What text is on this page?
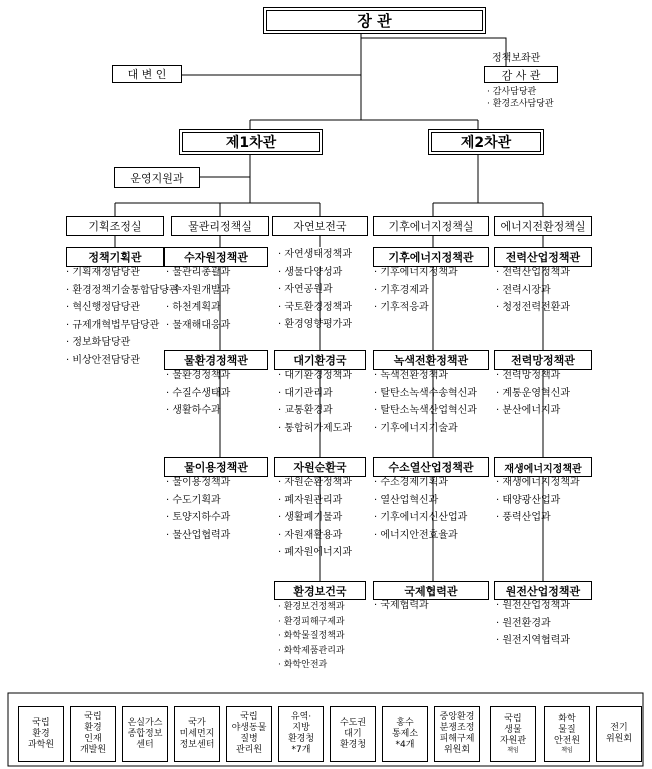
장 관
정책보좌관
감 사 관
· 감사담당관
· 환경조사담당관
대 변 인
제1차관	제2차관
운영지원과
기획조정실	물관리정책실	자연보전국	기후에너지정책실	에너지전환정책실
정책기획관
· 기획재정담당관
· 환경정책기술통합담당관
· 혁신행정담당관
· 규제개혁법무담당관
· 정보화담당관
· 비상안전담당관
수자원정책관
· 물관리총괄과
· 수자원개발과
· 하천계획과
· 물재해대응과
물환경정책관
· 물환경정책과
· 수질수생태과
· 생활하수과
물이용정책관
· 물이용정책과
· 수도기획과
· 토양지하수과
· 물산업협력과
· 자연생태정책과
· 생물다양성과
· 자연공원과
· 국토환경정책과
· 환경영향평가과
대기환경국
· 대기환경정책과
· 대기관리과
· 교통환경과
· 통합허가제도과
자원순환국
· 자원순환정책과
· 폐자원관리과
· 생활폐기물과
· 자원재활용과
· 폐자원에너지과
환경보건국
· 환경보건정책과
· 환경피해구제과
· 화학물질정책과
· 화학제품관리과
· 화학안전과
기후에너지정책관
· 기후에너지정책과
· 기후경제과
· 기후적응과
녹색전환정책관
· 녹색전환정책과
· 탈탄소녹색수송혁신과
· 탈탄소녹색산업혁신과
· 기후에너지기술과
수소열산업정책관
· 수소경제기획과
· 열산업혁신과
· 기후에너지신산업과
· 에너지안전효율과
국제협력관
· 국제협력과
전력산업정책관
· 전력산업정책과
· 전력시장과
· 청정전력전환과
전력망정책관
· 전력망정책과
· 계통운영혁신과
· 분산에너지과
재생에너지정책관
· 재생에너지정책과
· 태양광산업과
· 풍력산업과
원전산업정책관
· 원전산업정책과
· 원전환경과
· 원전지역협력과
국립
환경
과학원
국립
환경
인재
개발원
온실가스
종합정보
센터
국가
미세먼지
정보센터
국립
야생동물
질병
관리원
유역·
지방
환경청
*7개
수도권
대기
환경청
홍수
통제소
*4개
중앙환경
분쟁조정
피해구제
위원회
국립
생물
자원관
책임
화학
물질
안전원
책임
전기
위원회
